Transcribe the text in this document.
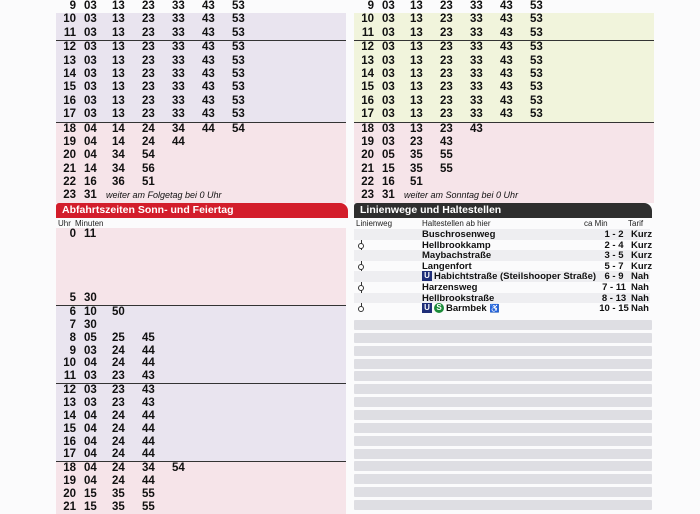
9 03 13 23 33 43 53
10 03 13 23 33 43 53
11 03 13 23 33 43 53
12 03 13 23 33 43 53
13 03 13 23 33 43 53
14 03 13 23 33 43 53
15 03 13 23 33 43 53
16 03 13 23 33 43 53
17 03 13 23 33 43 53
18 04 14 24 34 44 54
19 04 14 24 44
20 04 34 54
21 14 34 56
22 16 36 51
23 31 weiter am Folgetag bei 0 Uhr
9 03 13 23 33 43 53
10 03 13 23 33 43 53
11 03 13 23 33 43 53
12 03 13 23 33 43 53
13 03 13 23 33 43 53
14 03 13 23 33 43 53
15 03 13 23 33 43 53
16 03 13 23 33 43 53
17 03 13 23 33 43 53
18 03 13 23 43
19 03 23 43
20 05 35 55
21 15 35 55
22 16 51
23 31 weiter am Sonntag bei 0 Uhr
Abfahrtszeiten Sonn- und Feiertag
Uhr Minuten
0 11
5 30
6 10 50
7 30
8 05 25 45
9 03 24 44
10 04 24 44
11 03 23 43
12 03 23 43
13 03 23 43
14 04 24 44
15 04 24 44
16 04 24 44
17 04 24 44
18 04 24 34 54
19 04 24 44
20 15 35 55
21 15 35 55
Linienwege und Haltestellen
Linienweg	Haltestellen ab hier	ca Min	Tarif
Buschrosenweg	1 - 2 Kurz
Hellbrookkamp	2 - 4 Kurz
Maybachstraße	3 - 5 Kurz
Langenfort	5 - 7 Kurz
U Habichtstraße (Steilshooper Straße) 6 - 9 Nah
Harzensweg	7 - 11 Nah
Hellbrookstraße	8 - 13 Nah
U S Barmbek ♿	10 - 15 Nah
